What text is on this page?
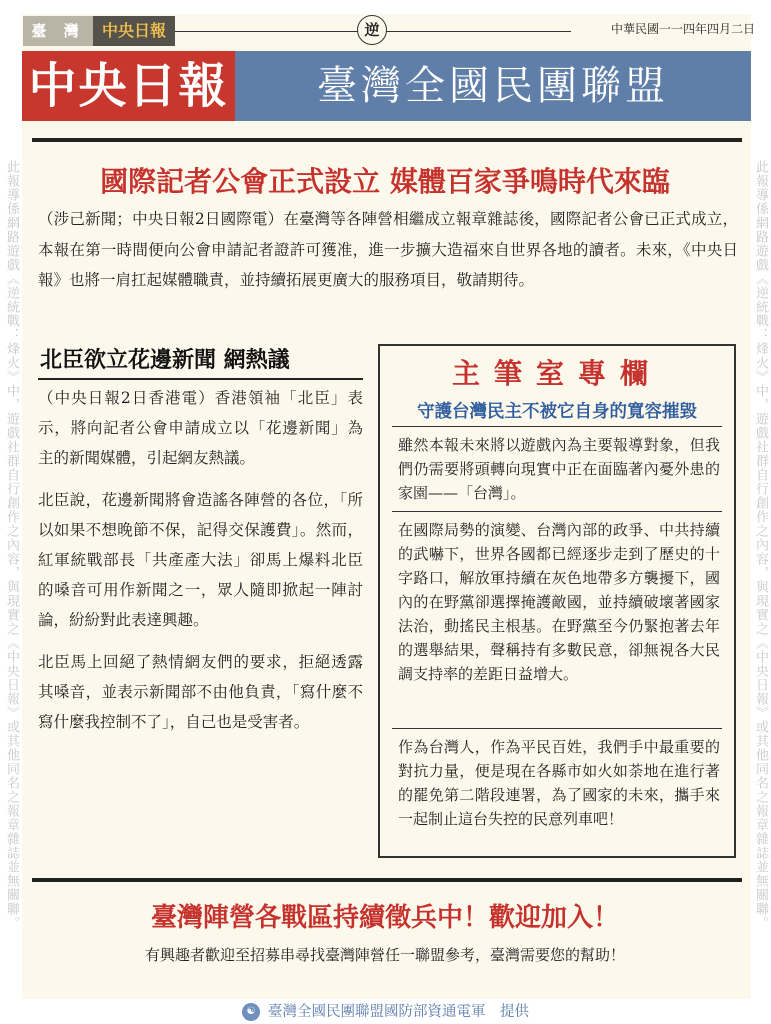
臺 灣	中央日報	逆	中華民國一一四年四月二日
中央日報	臺灣全國民團聯盟
此報導係網路遊戲《逆統戰：烽火》中，遊戲社群自行創作之內容，與現實之《中央日報》或其他同名之報章雜誌並無關聯。	此報導係網路遊戲《逆統戰：烽火》中，遊戲社群自行創作之內容，與現實之《中央日報》或其他同名之報章雜誌並無關聯。
國際記者公會正式設立 媒體百家爭鳴時代來臨
（涉己新聞；中央日報2日國際電）在臺灣等各陣營相繼成立報章雜誌後，國際記者公會已正式成立，本報在第一時間便向公會申請記者證許可獲准，進一步擴大造福來自世界各地的讀者。未來，《中央日報》也將一肩扛起媒體職責，並持續拓展更廣大的服務項目，敬請期待。
北臣欲立花邊新聞 網熱議

（中央日報2日香港電）香港領袖「北臣」表示，將向記者公會申請成立以「花邊新聞」為主的新聞媒體，引起網友熱議。

北臣說，花邊新聞將會造謠各陣營的各位，「所以如果不想晚節不保，記得交保護費」。然而，紅軍統戰部長「共產產大法」卻馬上爆料北臣的嗓音可用作新聞之一，眾人隨即掀起一陣討論，紛紛對此表達興趣。

北臣馬上回絕了熱情網友們的要求，拒絕透露其嗓音，並表示新聞部不由他負責，「寫什麼不寫什麼我控制不了」，自己也是受害者。

主筆室專欄
守護台灣民主不被它自身的寬容摧毀
雖然本報未來將以遊戲內為主要報導對象，但我們仍需要將頭轉向現實中正在面臨著內憂外患的家園——「台灣」。
在國際局勢的演變、台灣內部的政爭、中共持續的武嚇下，世界各國都已經逐步走到了歷史的十字路口，解放軍持續在灰色地帶多方襲擾下，國內的在野黨卻選擇掩護敵國，並持續破壞著國家法治，動搖民主根基。在野黨至今仍緊抱著去年的選舉結果，聲稱持有多數民意，卻無視各大民調支持率的差距日益增大。
作為台灣人，作為平民百姓，我們手中最重要的對抗力量，便是現在各縣市如火如荼地在進行著的罷免第二階段連署，為了國家的未來，攜手來一起制止這台失控的民意列車吧！
臺灣陣營各戰區持續徵兵中！歡迎加入！
有興趣者歡迎至招募串尋找臺灣陣營任一聯盟參考，臺灣需要您的幫助！
☯ 臺灣全國民團聯盟國防部資通電軍　提供
